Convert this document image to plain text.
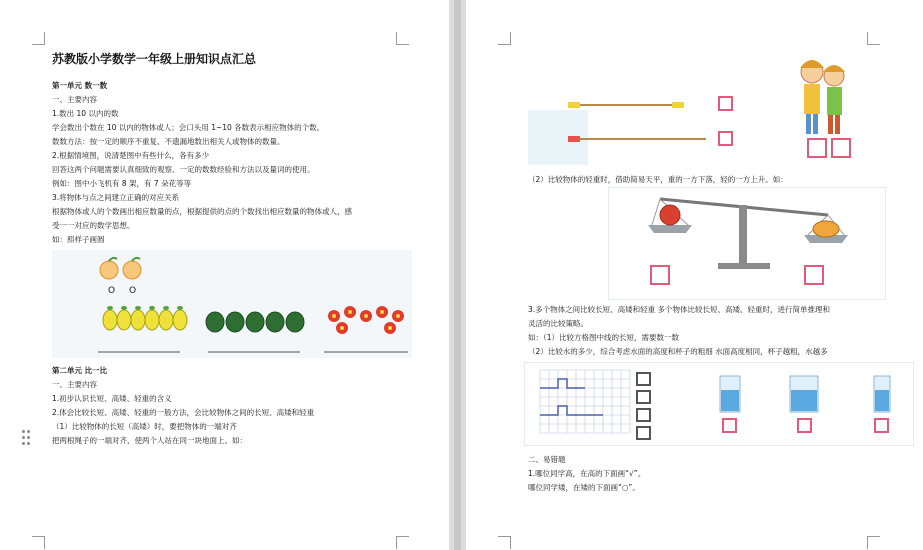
苏教版小学数学一年级上册知识点汇总
第一单元 数一数
一、主要内容
1.数出 10 以内的数
学会数出个数在 10 以内的物体或人；会口头用 1~10 各数表示相应物体的个数。
数数方法：按一定的顺序不重复、不遗漏地数出相关人或物体的数量。
2.根据情境图，说清楚图中有些什么，各有多少
回答这两个问题需要认真细致的观察、一定的数数经验和方法以及量词的使用。
例如：图中小飞机有 8 架，有 7 朵花等等
3.将物体与点之间建立正确的对应关系
根据物体或人的个数画出相应数量的点，根据提供的点的个数找出相应数量的物体或人，感
受一一对应的数学思想。
如：照样子画圆
O O
第二单元 比一比
一、主要内容
1.初步认识长短、高矮、轻重的含义
2.体会比较长短、高矮、轻重的一般方法，会比较物体之间的长短、高矮和轻重
（1）比较物体的长短（高矮）时，要把物体的一端对齐
把两根绳子的一端对齐，使两个人站在同一块地面上。如：
（2）比较物体的轻重时，借助简易天平，重的一方下落，轻的一方上升。如：
3.多个物体之间比较长短、高矮和轻重 多个物体比较长短、高矮、轻重时，进行简单推理和
灵活的比较策略。
如：（1）比较方格图中线的长短，需要数一数
（2）比较水的多少，综合考虑水面的高度和杯子的粗细 水面高度相同，杯子越粗，水越多
二、易错题
1.哪位同学高，在高的下面画“√”。
哪位同学矮，在矮的下面画“○”。
